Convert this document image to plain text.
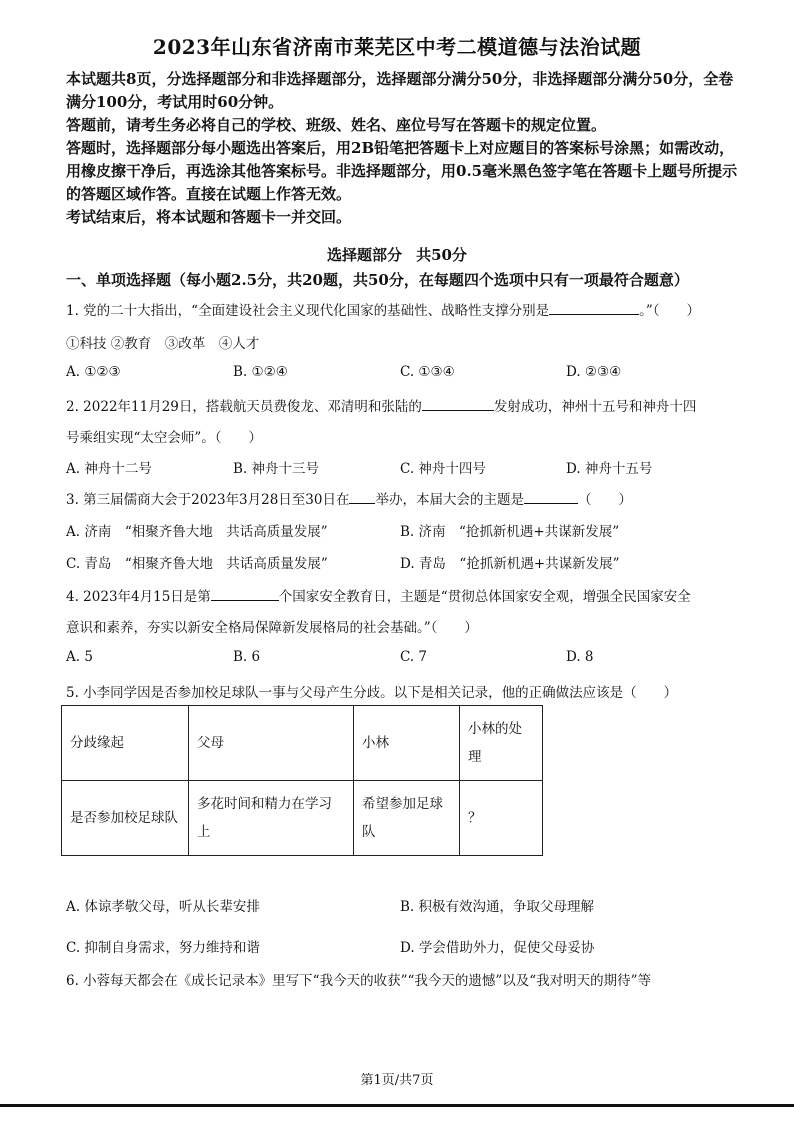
2023年山东省济南市莱芜区中考二模道德与法治试题

本试题共8页，分选择题部分和非选择题部分，选择题部分满分50分，非选择题部分满分50分，全卷满分100分，考试用时60分钟。

答题前，请考生务必将自己的学校、班级、姓名、座位号写在答题卡的规定位置。

答题时，选择题部分每小题选出答案后，用2B铅笔把答题卡上对应题目的答案标号涂黑；如需改动，用橡皮擦干净后，再选涂其他答案标号。非选择题部分，用0.5毫米黑色签字笔在答题卡上题号所提示的答题区域作答。直接在试题上作答无效。

考试结束后，将本试题和答题卡一并交回。

选择题部分 共50分
一、单项选择题（每小题2.5分，共20题，共50分，在每题四个选项中只有一项最符合题意）
1. 党的二十大指出，“全面建设社会主义现代化国家的基础性、战略性支撑分别是	。”（　　）
①科技 ②教育　③改革　④人才
A. ①②③	B. ①②④	C. ①③④	D. ②③④
2. 2022年11月29日，搭载航天员费俊龙、邓清明和张陆的	发射成功，神州十五号和神舟十四
号乘组实现“太空会师”。（　　）
A. 神舟十二号	B. 神舟十三号	C. 神舟十四号	D. 神舟十五号
3. 第三届儒商大会于2023年3月28日至30日在 举办，本届大会的主题是	（　　）
A. 济南　“相聚齐鲁大地　共话高质量发展”	B. 济南　“抢抓新机遇+共谋新发展”
C. 青岛　“相聚齐鲁大地　共话高质量发展”	D. 青岛　“抢抓新机遇+共谋新发展”
4. 2023年4月15日是第	个国家安全教育日，主题是“贯彻总体国家安全观，增强全民国家安全
意识和素养，夯实以新安全格局保障新发展格局的社会基础。”（　　）
A. 5	B. 6	C. 7	D. 8
5. 小李同学因是否参加校足球队一事与父母产生分歧。以下是相关记录，他的正确做法应该是（　　）
分歧缘起	父母	小林	小林的处理
是否参加校足球队	多花时间和精力在学习上	希望参加足球队	？
A. 体谅孝敬父母，听从长辈安排	B. 积极有效沟通，争取父母理解
C. 抑制自身需求，努力维持和谐	D. 学会借助外力，促使父母妥协
6. 小蓉每天都会在《成长记录本》里写下“我今天的收获”“我今天的遗憾”以及“我对明天的期待”等
第1页/共7页
